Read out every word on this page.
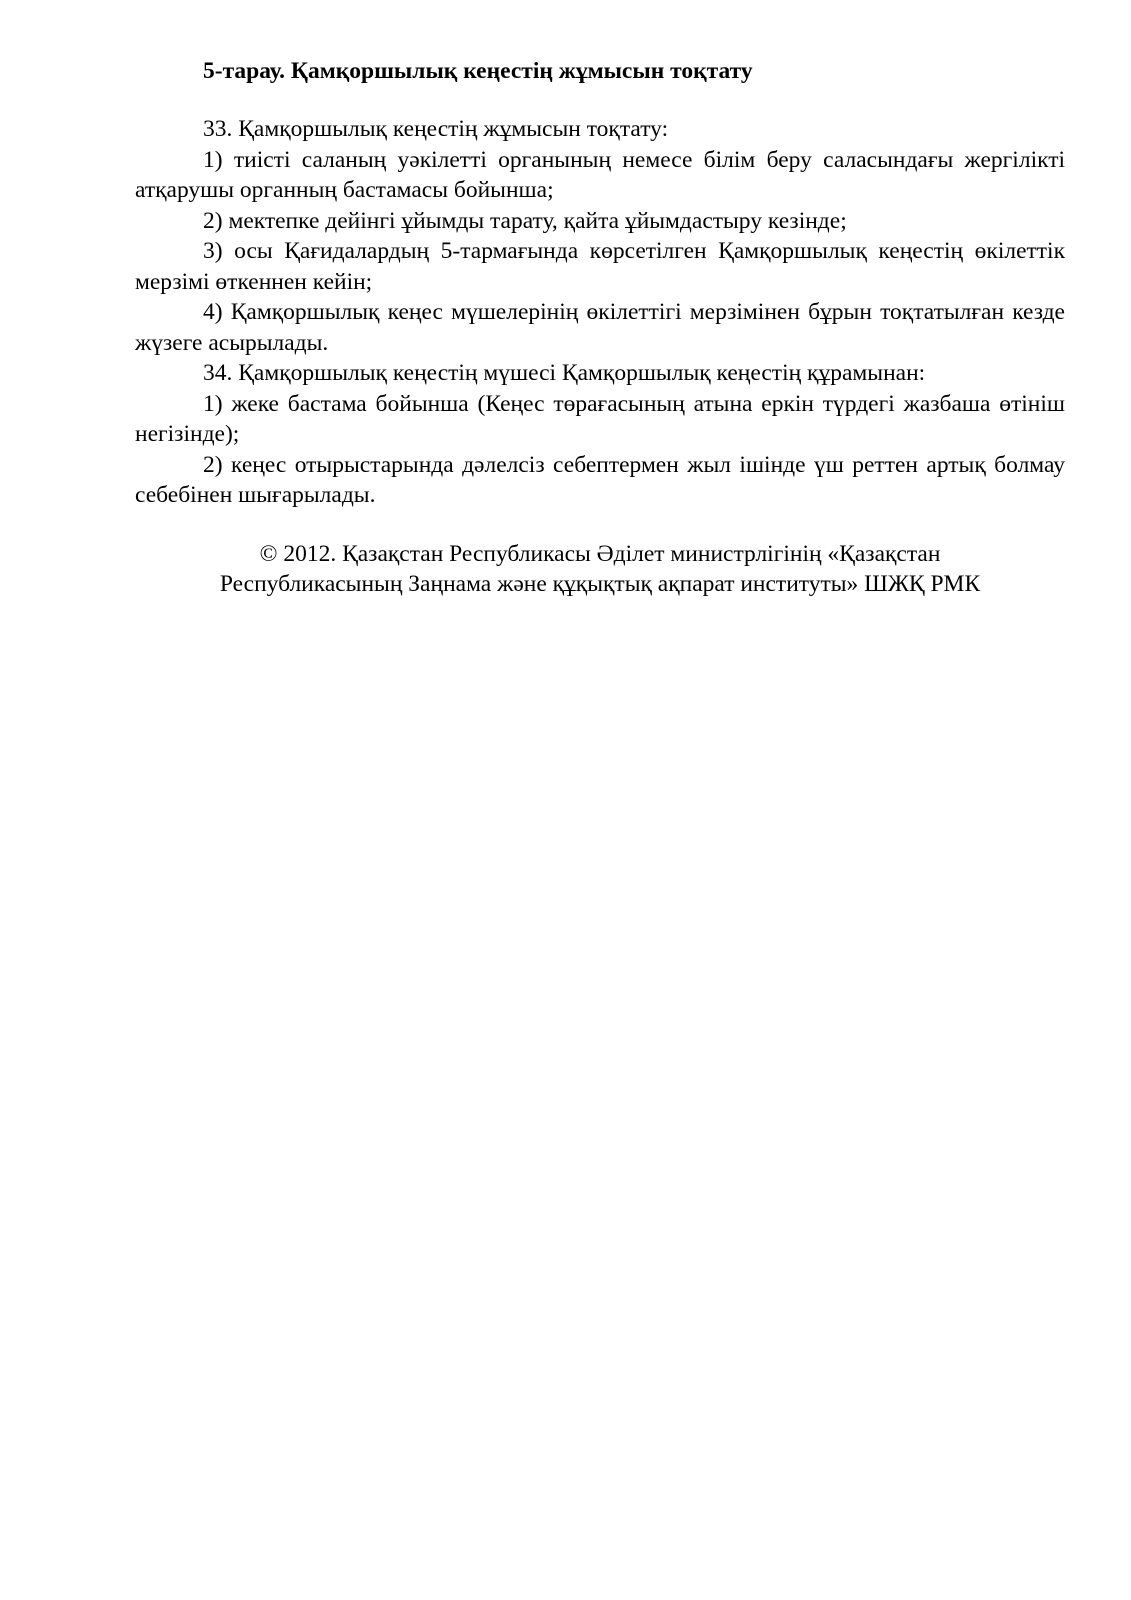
5-тарау. Қамқоршылық кеңестің жұмысын тоқтату

33. Қамқоршылық кеңестің жұмысын тоқтату:

1) тиісті саланың уәкілетті органының немесе білім беру саласындағы жергілікті атқарушы органның бастамасы бойынша;

2) мектепке дейінгі ұйымды тарату, қайта ұйымдастыру кезінде;

3) осы Қағидалардың 5-тармағында көрсетілген Қамқоршылық кеңестің өкілеттік мерзімі өткеннен кейін;

4) Қамқоршылық кеңес мүшелерінің өкілеттігі мерзімінен бұрын тоқтатылған кезде жүзеге асырылады.

34. Қамқоршылық кеңестің мүшесі Қамқоршылық кеңестің құрамынан:

1) жеке бастама бойынша (Кеңес төрағасының атына еркін түрдегі жазбаша өтініш негізінде);

2) кеңес отырыстарында дәлелсіз себептермен жыл ішінде үш реттен артық болмау себебінен шығарылады.

© 2012. Қазақстан Республикасы Әділет министрлігінің «Қазақстан
Республикасының Заңнама және құқықтық ақпарат институты» ШЖҚ РМК
